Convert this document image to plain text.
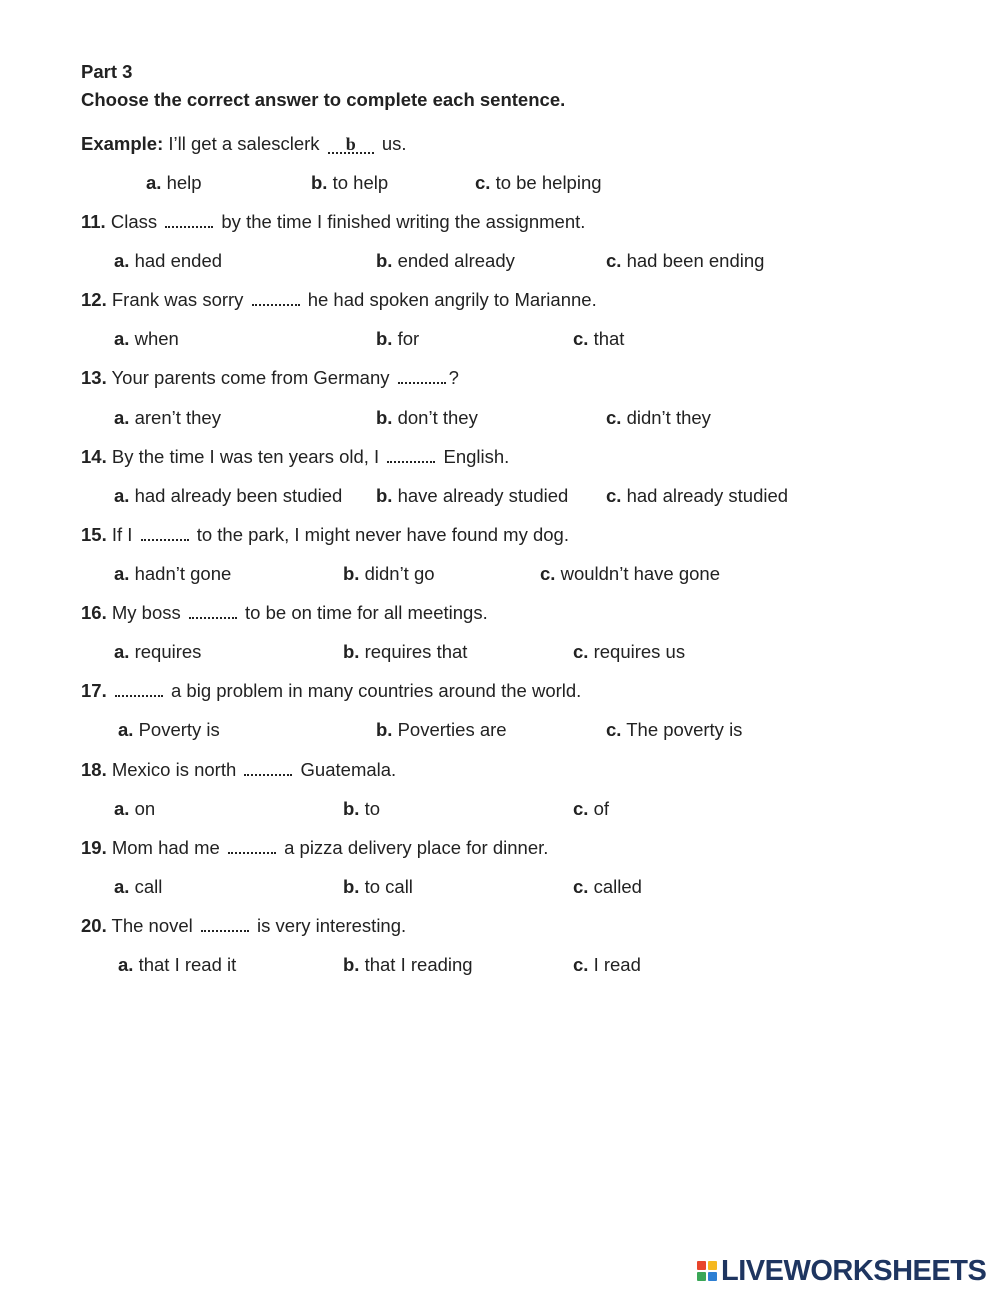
Part 3
Choose the correct answer to complete each sentence.
Example: I’ll get a salesclerk b us.
a. help	b. to help	c. to be helping
11. Class	by the time I finished writing the assignment.
a. had ended	b. ended already	c. had been ending
12. Frank was sorry	he had spoken angrily to Marianne.
a. when	b. for	c. that
13. Your parents come from Germany	?
a. aren’t they	b. don’t they	c. didn’t they
14. By the time I was ten years old, I	English.
a. had already been studied b. have already studied c. had already studied
15. If I	to the park, I might never have found my dog.
a. hadn’t gone	b. didn’t go	c. wouldn’t have gone
16. My boss	to be on time for all meetings.
a. requires	b. requires that	c. requires us
17.	a big problem in many countries around the world.
a. Poverty is	b. Poverties are	c. The poverty is
18. Mexico is north	Guatemala.
a. on	b. to	c. of
19. Mom had me	a pizza delivery place for dinner.
a. call	b. to call	c. called
20. The novel	is very interesting.
a. that I read it	b. that I reading	c. I read
LIVEWORKSHEETS
